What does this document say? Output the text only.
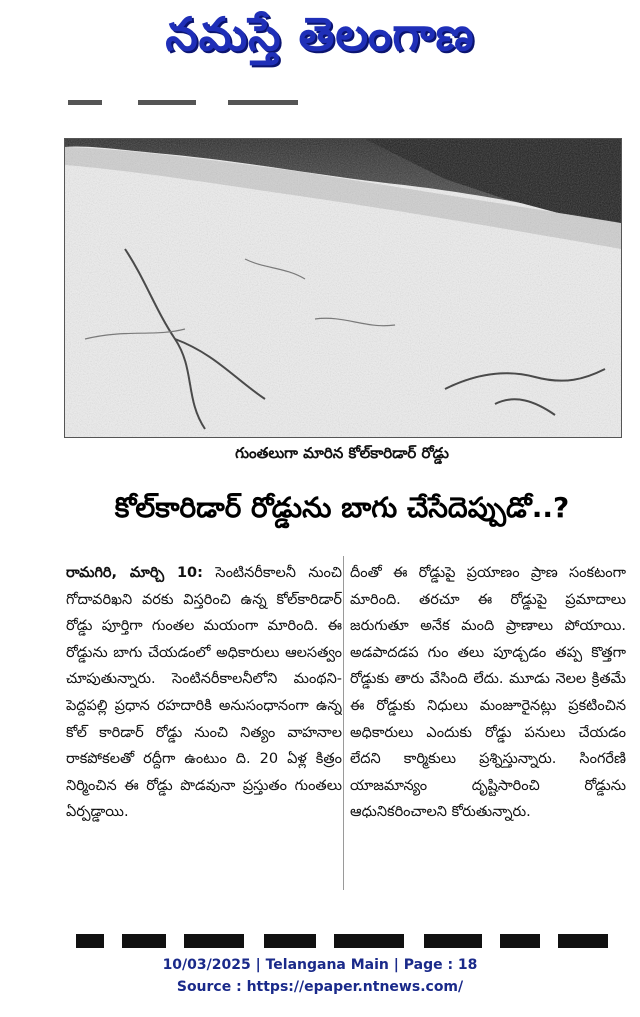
నమస్తే తెలంగాణ
గుంతలుగా మారిన కోల్‌కారిడార్ రోడ్డు
కోల్‌కారిడార్ రోడ్డును బాగు చేసేదెప్పుడో..?
రామగిరి, మార్చి 10: సెంటినరీకాలనీ నుంచి గోదావరిఖని వరకు విస్తరించి ఉన్న కోల్‌కారిడార్ రోడ్డు పూర్తిగా గుంతల మయంగా మారింది. ఈ రోడ్డును బాగు చేయడంలో అధికారులు ఆలసత్వం చూపుతున్నారు. సెంటినరీకాలనీలోని మంథని-పెద్దపల్లి ప్రధాన రహదారికి అనుసంధానంగా ఉన్న కోల్ కారిడార్ రోడ్డు నుంచి నిత్యం వాహనాల రాకపోకలతో రద్దీగా ఉంటుం ది. 20 ఏళ్ల కిత్రం నిర్మించిన ఈ రోడ్డు పొడవునా ప్రస్తుతం గుంతలు ఏర్పడ్డాయి.
దీంతో ఈ రోడ్డుపై ప్రయాణం ప్రాణ సంకటంగా మారింది. తరచూ ఈ రోడ్డుపై ప్రమాదాలు జరుగుతూ అనేక మంది ప్రాణాలు పోయాయి. అడపాదడప గుం తలు పూడ్చడం తప్ప కొత్తగా రోడ్డుకు తారు వేసింది లేదు. మూడు నెలల క్రితమే ఈ రోడ్డుకు నిధులు మంజూరైనట్లు ప్రకటించిన అధికారులు ఎందుకు రోడ్డు పనులు చేయడం లేదని కార్మికులు ప్రశ్నిస్తున్నారు. సింగరేణి యాజమాన్యం దృష్టిసారించి రోడ్డును ఆధునికరించాలని కోరుతున్నారు.
10/03/2025 | Telangana Main | Page : 18
Source : https://epaper.ntnews.com/
